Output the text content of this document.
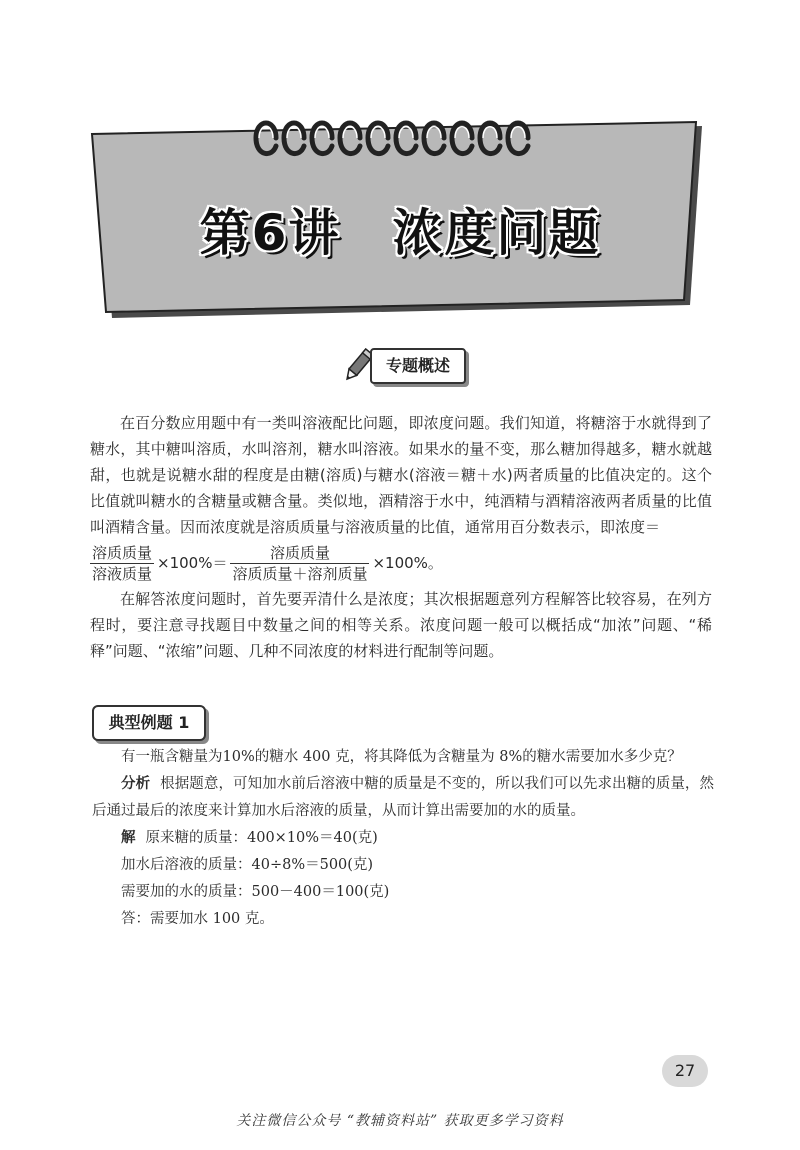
第6讲　浓度问题
专题概述

在百分数应用题中有一类叫溶液配比问题，即浓度问题。我们知道，将糖溶于水就得到了糖水，其中糖叫溶质，水叫溶剂，糖水叫溶液。如果水的量不变，那么糖加得越多，糖水就越甜，也就是说糖水甜的程度是由糖(溶质)与糖水(溶液＝糖＋水)两者质量的比值决定的。这个比值就叫糖水的含糖量或糖含量。类似地，酒精溶于水中，纯酒精与酒精溶液两者质量的比值叫酒精含量。因而浓度就是溶质质量与溶液质量的比值，通常用百分数表示，即浓度＝

$\frac{\text{溶质质量}}{\text{溶液质量}} \times 100\%= \frac{\text{溶质质量}}{\text{溶质质量＋溶剂质量}} \times 100\%$。

在解答浓度问题时，首先要弄清什么是浓度；其次根据题意列方程解答比较容易，在列方程时，要注意寻找题目中数量之间的相等关系。浓度问题一般可以概括成“加浓”问题、“稀释”问题、“浓缩”问题、几种不同浓度的材料进行配制等问题。

典型例题 1

有一瓶含糖量为10%的糖水 400 克，将其降低为含糖量为 8%的糖水需要加水多少克？

分析 根据题意，可知加水前后溶液中糖的质量是不变的，所以我们可以先求出糖的质量，然后通过最后的浓度来计算加水后溶液的质量，从而计算出需要加的水的质量。

解 原来糖的质量：400×10%＝40(克)

加水后溶液的质量：40÷8%＝500(克)

需要加的水的质量：500－400＝100(克)

答：需要加水 100 克。

27
关注微信公众号 “教辅资料站” 获取更多学习资料
